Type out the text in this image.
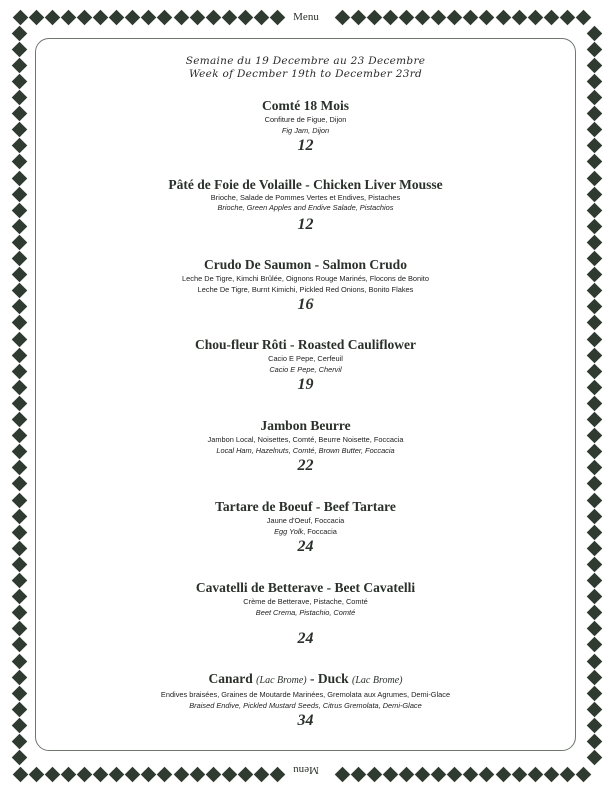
Menu
Menu
Semaine du 19 Decembre au 23 Decembre
Week of Decmber 19th to December 23rd
Comté 18 Mois
Confiture de Figue, Dijon
Fig Jam, Dijon
12
Pâté de Foie de Volaille - Chicken Liver Mousse
Brioche, Salade de Pommes Vertes et Endives, Pistaches
Brioche, Green Apples and Endive Salade, Pistachios
12
Crudo De Saumon - Salmon Crudo
Leche De Tigre, Kimchi Brûlée, Oignons Rouge Marinés, Flocons de Bonito
Leche De Tigre, Burnt Kimichi, Pickled Red Onions, Bonito Flakes
16
Chou-fleur Rôti - Roasted Cauliflower
Cacio E Pepe, Cerfeuil
Cacio E Pepe, Chervil
19
Jambon Beurre
Jambon Local, Noisettes, Comté, Beurre Noisette, Foccacia
Local Ham, Hazelnuts, Comté, Brown Butter, Foccacia
22
Tartare de Boeuf - Beef Tartare
Jaune d'Oeuf, Foccacia
Egg Yolk, Foccacia
24
Cavatelli de Betterave - Beet Cavatelli
Crème de Betterave, Pistache, Comté
Beet Crema, Pistachio, Comté
24
Canard (Lac Brome) - Duck (Lac Brome)
Endives braisées, Graines de Moutarde Marinées, Gremolata aux Agrumes, Demi-Glace
Braised Endive, Pickled Mustard Seeds, Citrus Gremolata, Demi-Glace
34
